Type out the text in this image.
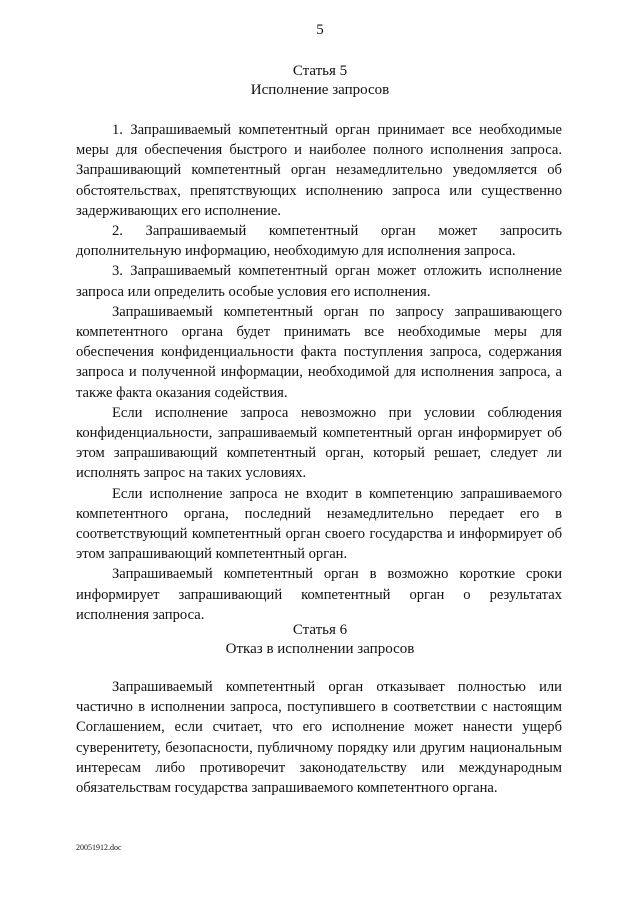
5
Статья 5
Исполнение запросов

1. Запрашиваемый компетентный орган принимает все необходимые меры для обеспечения быстрого и наиболее полного исполнения запроса. Запрашивающий компетентный орган незамедлительно уведомляется об обстоятельствах, препятствующих исполнению запроса или существенно задерживающих его исполнение.

2. Запрашиваемый компетентный орган может запросить дополнительную информацию, необходимую для исполнения запроса.

3. Запрашиваемый компетентный орган может отложить исполнение запроса или определить особые условия его исполнения.

Запрашиваемый компетентный орган по запросу запрашивающего компетентного органа будет принимать все необходимые меры для обеспечения конфиденциальности факта поступления запроса, содержания запроса и полученной информации, необходимой для исполнения запроса, а также факта оказания содействия.

Если исполнение запроса невозможно при условии соблюдения конфиденциальности, запрашиваемый компетентный орган информирует об этом запрашивающий компетентный орган, который решает, следует ли исполнять запрос на таких условиях.

Если исполнение запроса не входит в компетенцию запрашиваемого компетентного органа, последний незамедлительно передает его в соответствующий компетентный орган своего государства и информирует об этом запрашивающий компетентный орган.

Запрашиваемый компетентный орган в возможно короткие сроки информирует запрашивающий компетентный орган о результатах исполнения запроса.

Статья 6
Отказ в исполнении запросов

Запрашиваемый компетентный орган отказывает полностью или частично в исполнении запроса, поступившего в соответствии с настоящим Соглашением, если считает, что его исполнение может нанести ущерб суверенитету, безопасности, публичному порядку или другим национальным интересам либо противоречит законодательству или международным обязательствам государства запрашиваемого компетентного органа.

20051912.doc
